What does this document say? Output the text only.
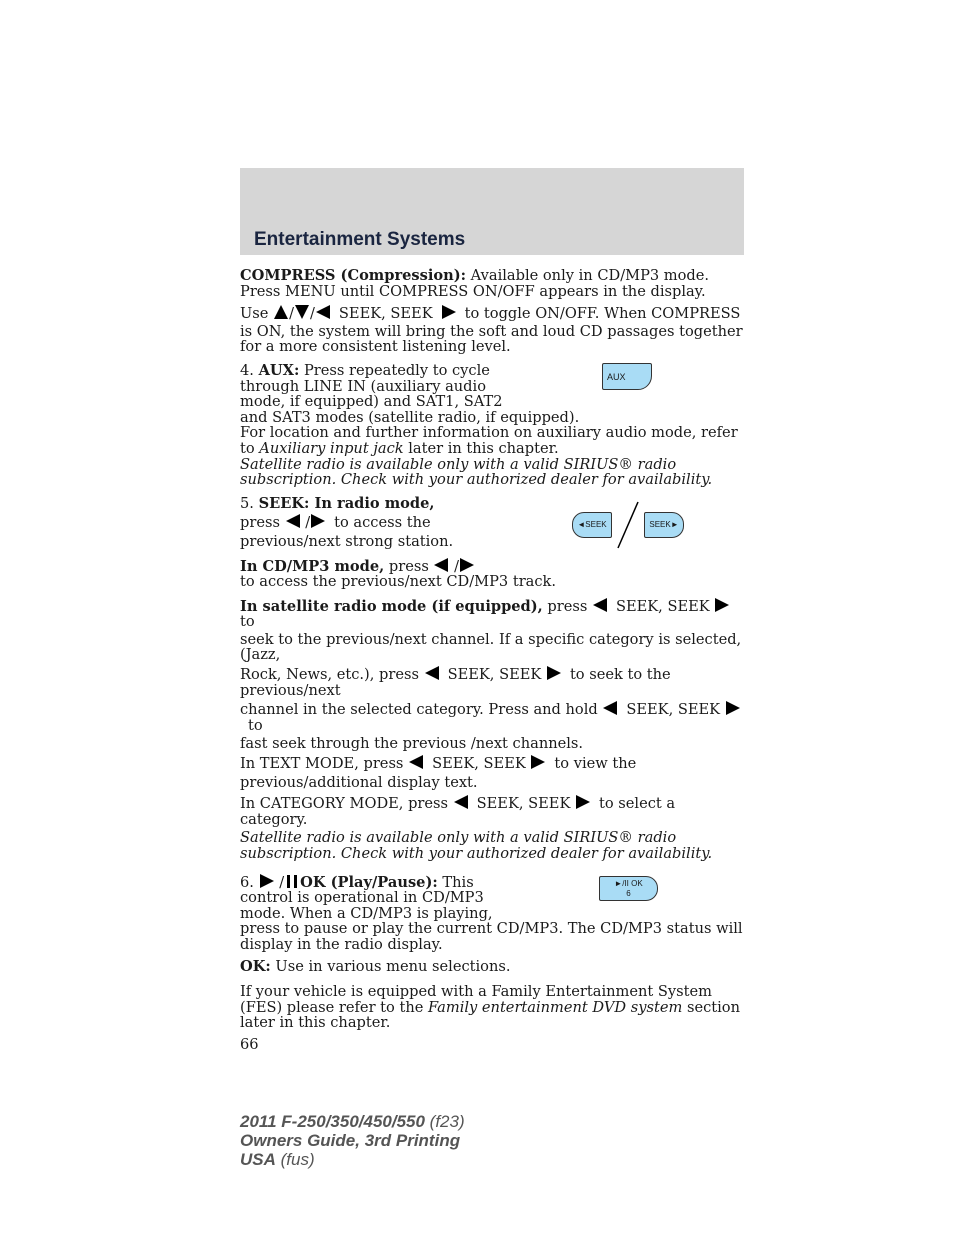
Entertainment Systems

COMPRESS (Compression): Available only in CD/MP3 mode. Press MENU until COMPRESS ON/OFF appears in the display.

Use / / SEEK, SEEK to toggle ON/OFF. When COMPRESS

is ON, the system will bring the soft and loud CD passages together for a more consistent listening level.

AUX
4. AUX: Press repeatedly to cycle
through LINE IN (auxiliary audio
mode, if equipped) and SAT1, SAT2
and SAT3 modes (satellite radio, if equipped).
For location and further information on auxiliary audio mode, refer to Auxiliary input jack later in this chapter.

Satellite radio is available only with a valid SIRIUS® radio subscription. Check with your authorized dealer for availability.

◄SEEK	SEEK►
5. SEEK: In radio mode,
press / to access the

previous/next strong station.

In CD/MP3 mode, press  /

to access the previous/next CD/MP3 track.

In satellite radio mode (if equipped), press SEEK, SEEK to

seek to the previous/next channel. If a specific category is selected, (Jazz,
Rock, News, etc.), press SEEK, SEEK to seek to the previous/next
channel in the selected category. Press and hold SEEK, SEEK to
fast seek through the previous /next channels.
In TEXT MODE, press SEEK, SEEK to view the
previous/additional display text.
In CATEGORY MODE, press SEEK, SEEK to select a category.

Satellite radio is available only with a valid SIRIUS® radio subscription. Check with your authorized dealer for availability.

►/II OK
6
6.  / OK (Play/Pause): This
control is operational in CD/MP3
mode. When a CD/MP3 is playing,

press to pause or play the current CD/MP3. The CD/MP3 status will display in the radio display.

OK: Use in various menu selections.

If your vehicle is equipped with a Family Entertainment System (FES) please refer to the Family entertainment DVD system section later in this chapter.

66
2011 F-250/350/450/550 (f23)
Owners Guide, 3rd Printing
USA (fus)
